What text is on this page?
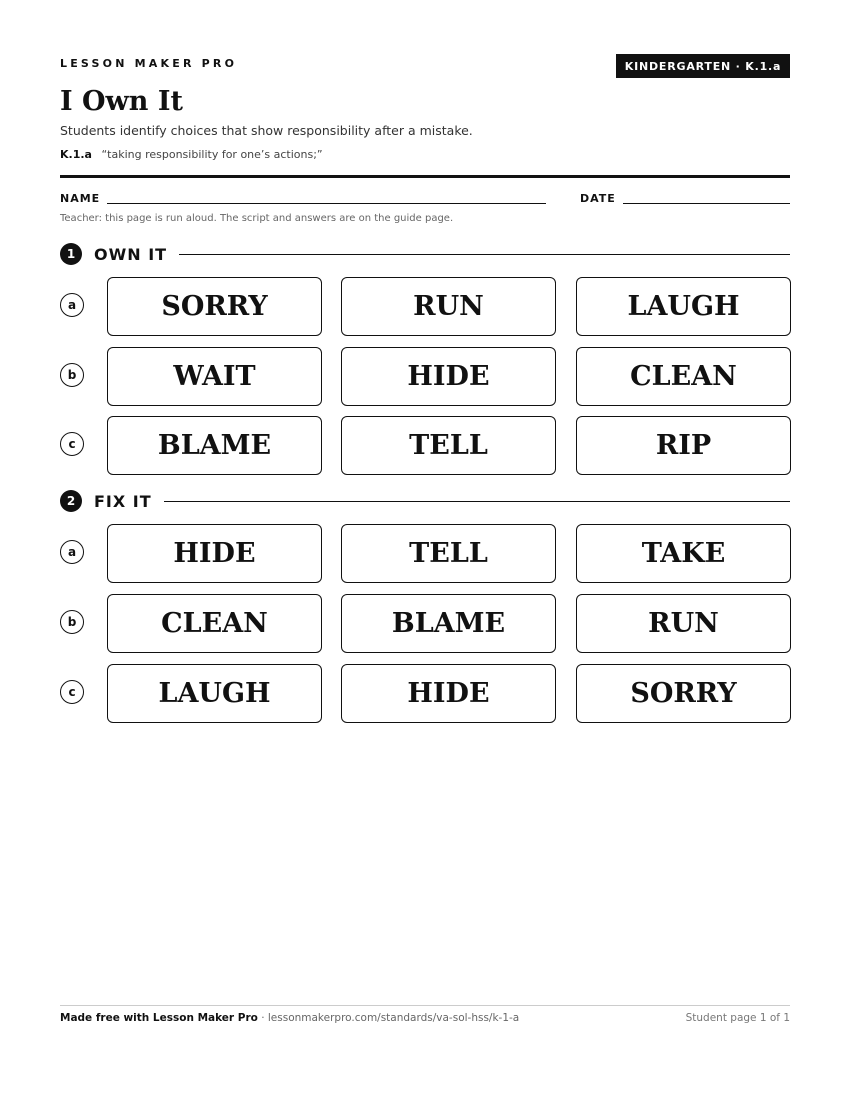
LESSON MAKER PRO	KINDERGARTEN · K.1.a
I Own It
Students identify choices that show responsibility after a mistake.
K.1.a “taking responsibility for one’s actions;”
NAME	DATE
Teacher: this page is run aloud. The script and answers are on the guide page.
1	OWN IT
a	SORRY	RUN	LAUGH
b	WAIT	HIDE	CLEAN
c	BLAME	TELL	RIP
2	FIX IT
a	HIDE	TELL	TAKE
b	CLEAN	BLAME	RUN
c	LAUGH	HIDE	SORRY
Made free with Lesson Maker Pro · lessonmakerpro.com/standards/va-sol-hss/k-1-a	Student page 1 of 1
